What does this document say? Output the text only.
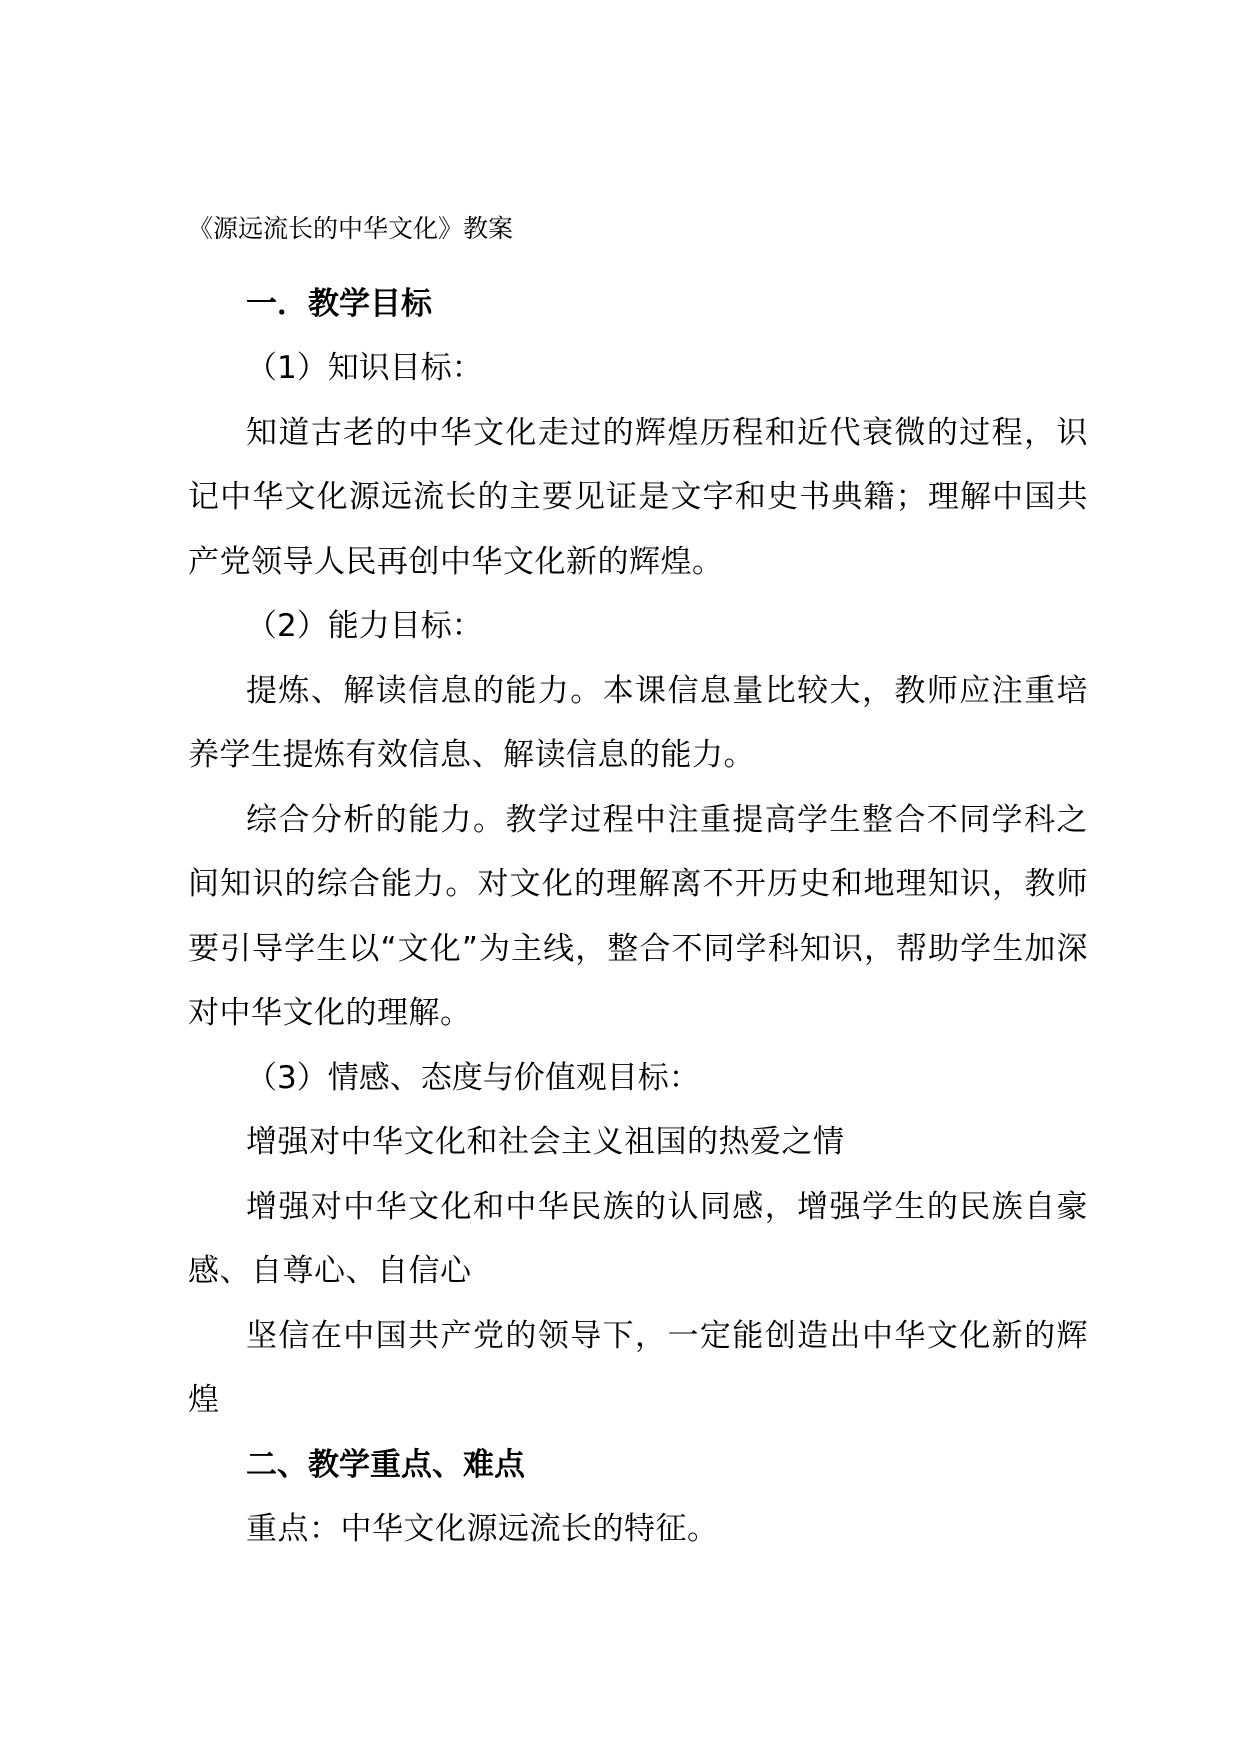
《源远流长的中华文化》教案
一．教学目标
（1）知识目标：
知道古老的中华文化走过的辉煌历程和近代衰微的过程，识记中华文化源远流长的主要见证是文字和史书典籍；理解中国共产党领导人民再创中华文化新的辉煌。
（2）能力目标：
提炼、解读信息的能力。本课信息量比较大，教师应注重培养学生提炼有效信息、解读信息的能力。
综合分析的能力。教学过程中注重提高学生整合不同学科之间知识的综合能力。对文化的理解离不开历史和地理知识，教师要引导学生以“文化”为主线，整合不同学科知识，帮助学生加深对中华文化的理解。
（3）情感、态度与价值观目标：
增强对中华文化和社会主义祖国的热爱之情
增强对中华文化和中华民族的认同感，增强学生的民族自豪感、自尊心、自信心
坚信在中国共产党的领导下，一定能创造出中华文化新的辉煌
二、教学重点、难点
重点：中华文化源远流长的特征。
